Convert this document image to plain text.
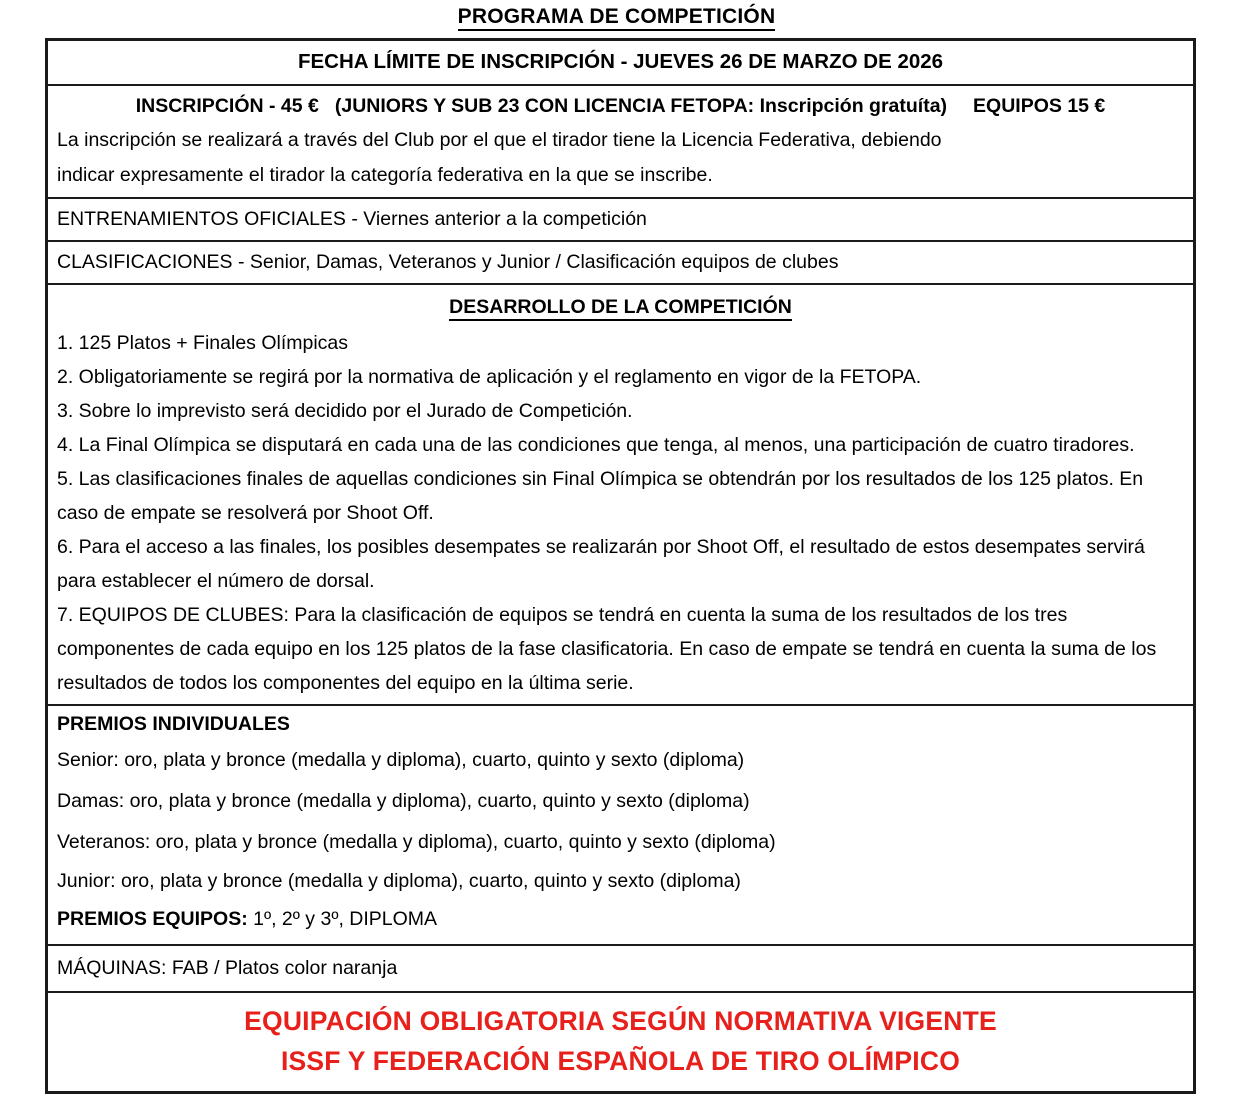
PROGRAMA DE COMPETICIÓN
FECHA LÍMITE DE INSCRIPCIÓN - JUEVES 26 DE MARZO DE 2026

INSCRIPCIÓN - 45 € (JUNIORS Y SUB 23 CON LICENCIA FETOPA: Inscripción gratuíta) EQUIPOS 15 €
La inscripción se realizará a través del Club por el que el tirador tiene la Licencia Federativa, debiendo
indicar expresamente el tirador la categoría federativa en la que se inscribe.

ENTRENAMIENTOS OFICIALES - Viernes anterior a la competición

CLASIFICACIONES - Senior, Damas, Veteranos y Junior / Clasificación equipos de clubes

DESARROLLO DE LA COMPETICIÓN
1. 125 Platos + Finales Olímpicas
2. Obligatoriamente se regirá por la normativa de aplicación y el reglamento en vigor de la FETOPA.
3. Sobre lo imprevisto será decidido por el Jurado de Competición.
4. La Final Olímpica se disputará en cada una de las condiciones que tenga, al menos, una participación de cuatro tiradores.
5. Las clasificaciones finales de aquellas condiciones sin Final Olímpica se obtendrán por los resultados de los 125 platos. En caso de empate se resolverá por Shoot Off.
6. Para el acceso a las finales, los posibles desempates se realizarán por Shoot Off, el resultado de estos desempates servirá para establecer el número de dorsal.
7. EQUIPOS DE CLUBES: Para la clasificación de equipos se tendrá en cuenta la suma de los resultados de los tres componentes de cada equipo en los 125 platos de la fase clasificatoria. En caso de empate se tendrá en cuenta la suma de los resultados de todos los componentes del equipo en la última serie.

PREMIOS INDIVIDUALES
Senior: oro, plata y bronce (medalla y diploma), cuarto, quinto y sexto (diploma)
Damas: oro, plata y bronce (medalla y diploma), cuarto, quinto y sexto (diploma)
Veteranos: oro, plata y bronce (medalla y diploma), cuarto, quinto y sexto (diploma)
Junior: oro, plata y bronce (medalla y diploma), cuarto, quinto y sexto (diploma)
PREMIOS EQUIPOS: 1º, 2º y 3º, DIPLOMA

MÁQUINAS: FAB / Platos color naranja

EQUIPACIÓN OBLIGATORIA SEGÚN NORMATIVA VIGENTE
ISSF Y FEDERACIÓN ESPAÑOLA DE TIRO OLÍMPICO
